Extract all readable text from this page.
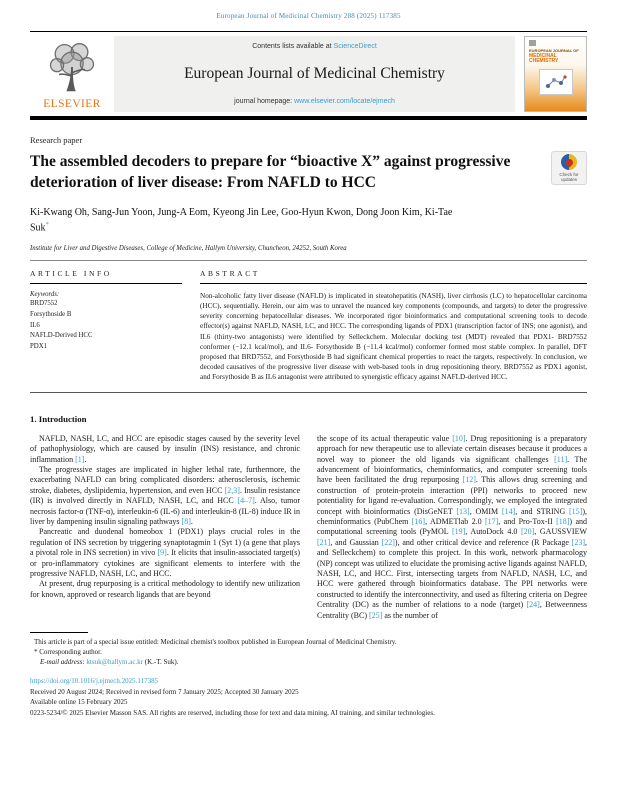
European Journal of Medicinal Chemistry 288 (2025) 117385
ELSEVIER
Contents lists available at ScienceDirect
European Journal of Medicinal Chemistry
journal homepage: www.elsevier.com/locate/ejmech
EUROPEAN JOURNAL OF
MEDICINAL CHEMISTRY
Research paper
The assembled decoders to prepare for “bioactive X” against progressive deterioration of liver disease: From NAFLD to HCC	Check for updates
Ki-Kwang Oh, Sang-Jun Yoon, Jung-A Eom, Kyeong Jin Lee, Goo-Hyun Kwon, Dong Joon Kim, Ki-Tae Suk*
Institute for Liver and Digestive Diseases, College of Medicine, Hallym University, Chuncheon, 24252, South Korea
ARTICLE INFO
Keywords:
BRD7552
Forsythoside B
IL6
NAFLD-Derived HCC
PDX1
ABSTRACT

Non-alcoholic fatty liver disease (NAFLD) is implicated in steatohepatitis (NASH), liver cirrhosis (LC) to hepatocellular carcinoma (HCC), sequentially. Herein, our aim was to unravel the nuanced key components (compounds, and targets) to deter the progressive severity concerning hepatocellular diseases. We incorporated rigor bioinformatics and computational screening tools to decode effector(s) against NAFLD, NASH, LC, and HCC. The corresponding ligands of PDX1 (transcription factor of INS; one agonist), and IL6 (thirty-two antagonists) were identified by Selleckchem. Molecular docking test (MDT) revealed that PDX1- BRD7552 conformer (−12.1 kcal/mol), and IL6- Forsythoside B (−11.4 kcal/mol) conformer formed most stable complex. In parallel, DFT proposed that BRD7552, and Forsythoside B had significant chemical properties to react the targets, respectively. In conclusion, we decoded causatives of the progressive liver disease with web-based tools in drug repositioning theory. BRD7552 as PDX1 agonist, and Forsythoside B as IL6 antagonist were attributed to synergistic efficacy against NAFLD-derived HCC.

1. Introduction

NAFLD, NASH, LC, and HCC are episodic stages caused by the severity level of pathophysiology, which are caused by insulin (INS) resistance, and chronic inflammation [1].

The progressive stages are implicated in higher lethal rate, furthermore, the exacerbating NAFLD can bring complicated disorders: atherosclerosis, ischemic stroke, diabetes, dyslipidemia, hypertension, and even HCC [2,3]. Insulin resistance (IR) is involved directly in NAFLD, NASH, LC, and HCC [4–7]. Also, tumor necrosis factor-α (TNF-α), interleukin-6 (IL-6) and interleukin-8 (IL-8) induce IR in liver by dampening insulin signaling pathways [8].

Pancreatic and duodenal homeobox 1 (PDX1) plays crucial roles in the regulation of INS secretion by triggering synaptotagmin 1 (Syt 1) (a gene that plays a pivotal role in INS secretion) in vivo [9]. It elicits that insulin-associated target(s) or pro-inflammatory cytokines are significant elements to interfere with the progressive NAFLD, NASH, LC, and HCC.

At present, drug repurposing is a critical methodology to identify new utilization for known, approved or research ligands that are beyond

the scope of its actual therapeutic value [10]. Drug repositioning is a preparatory approach for new therapeutic use to alleviate certain diseases because it produces a novel way to pioneer the old ligands via significant challenges [11]. The advancement of bioinformatics, cheminformatics, and computer screening tools have been facilitated the drug repurposing [12]. This allows drug screening and construction of protein-protein interaction (PPI) networks to proceed new potentiality for ligand re-evaluation. Correspondingly, we employed the integrated concept with bioinformatics (DisGeNET [13], OMIM [14], and STRING [15]), cheminformatics (PubChem [16], ADMETlab 2.0 [17], and Pro-Tox-II [18]) and computational screening tools (PyMOL [19], AutoDock 4.0 [20], GAUSSVIEW [21], and Gaussian [22]), and other critical device and reference (R Package [23], and Selleckchem) to complete this project. In this work, network pharmacology (NP) concept was utilized to elucidate the promising active ligands against NAFLD, NASH, LC, and HCC. First, intersecting targets from NAFLD, NASH, LC, and HCC were gathered through bioinformatics database. The PPI networks were constructed to identify the interconnectivity, and used as filtering criteria on Degree Centrality (DC) as the number of relations to a node (target) [24], Betweenness Centrality (BC) [25] as the number of

This article is part of a special issue entitled: Medicinal chemist's toolbox published in European Journal of Medicinal Chemistry.
* Corresponding author.
E-mail address: ktsuk@hallym.ac.kr (K.-T. Suk).
https://doi.org/10.1016/j.ejmech.2025.117385
Received 20 August 2024; Received in revised form 7 January 2025; Accepted 30 January 2025
Available online 15 February 2025
0223-5234/© 2025 Elsevier Masson SAS. All rights are reserved, including those for text and data mining, AI training, and similar technologies.
